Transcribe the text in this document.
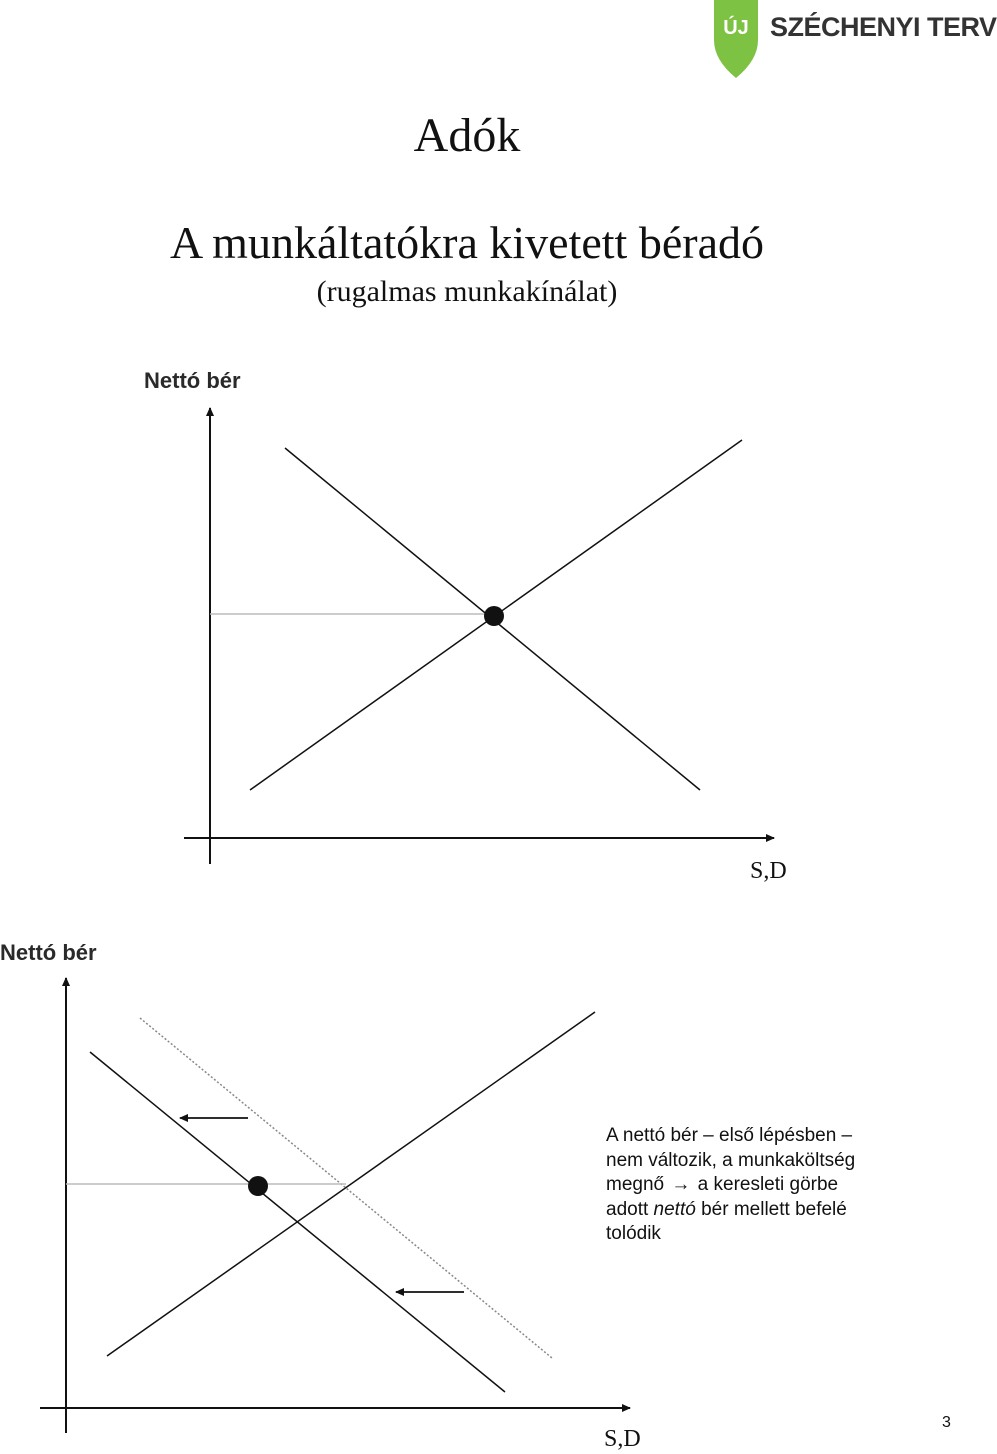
ÚJ SZÉCHENYI TERV
Adók
A munkáltatókra kivetett béradó
(rugalmas munkakínálat)
Nettó bér
S,D
Nettó bér
S,D
A nettó bér – első lépésben –
nem változik, a munkaköltség
megnő → a keresleti görbe
adott nettó bér mellett befelé
tolódik
3
